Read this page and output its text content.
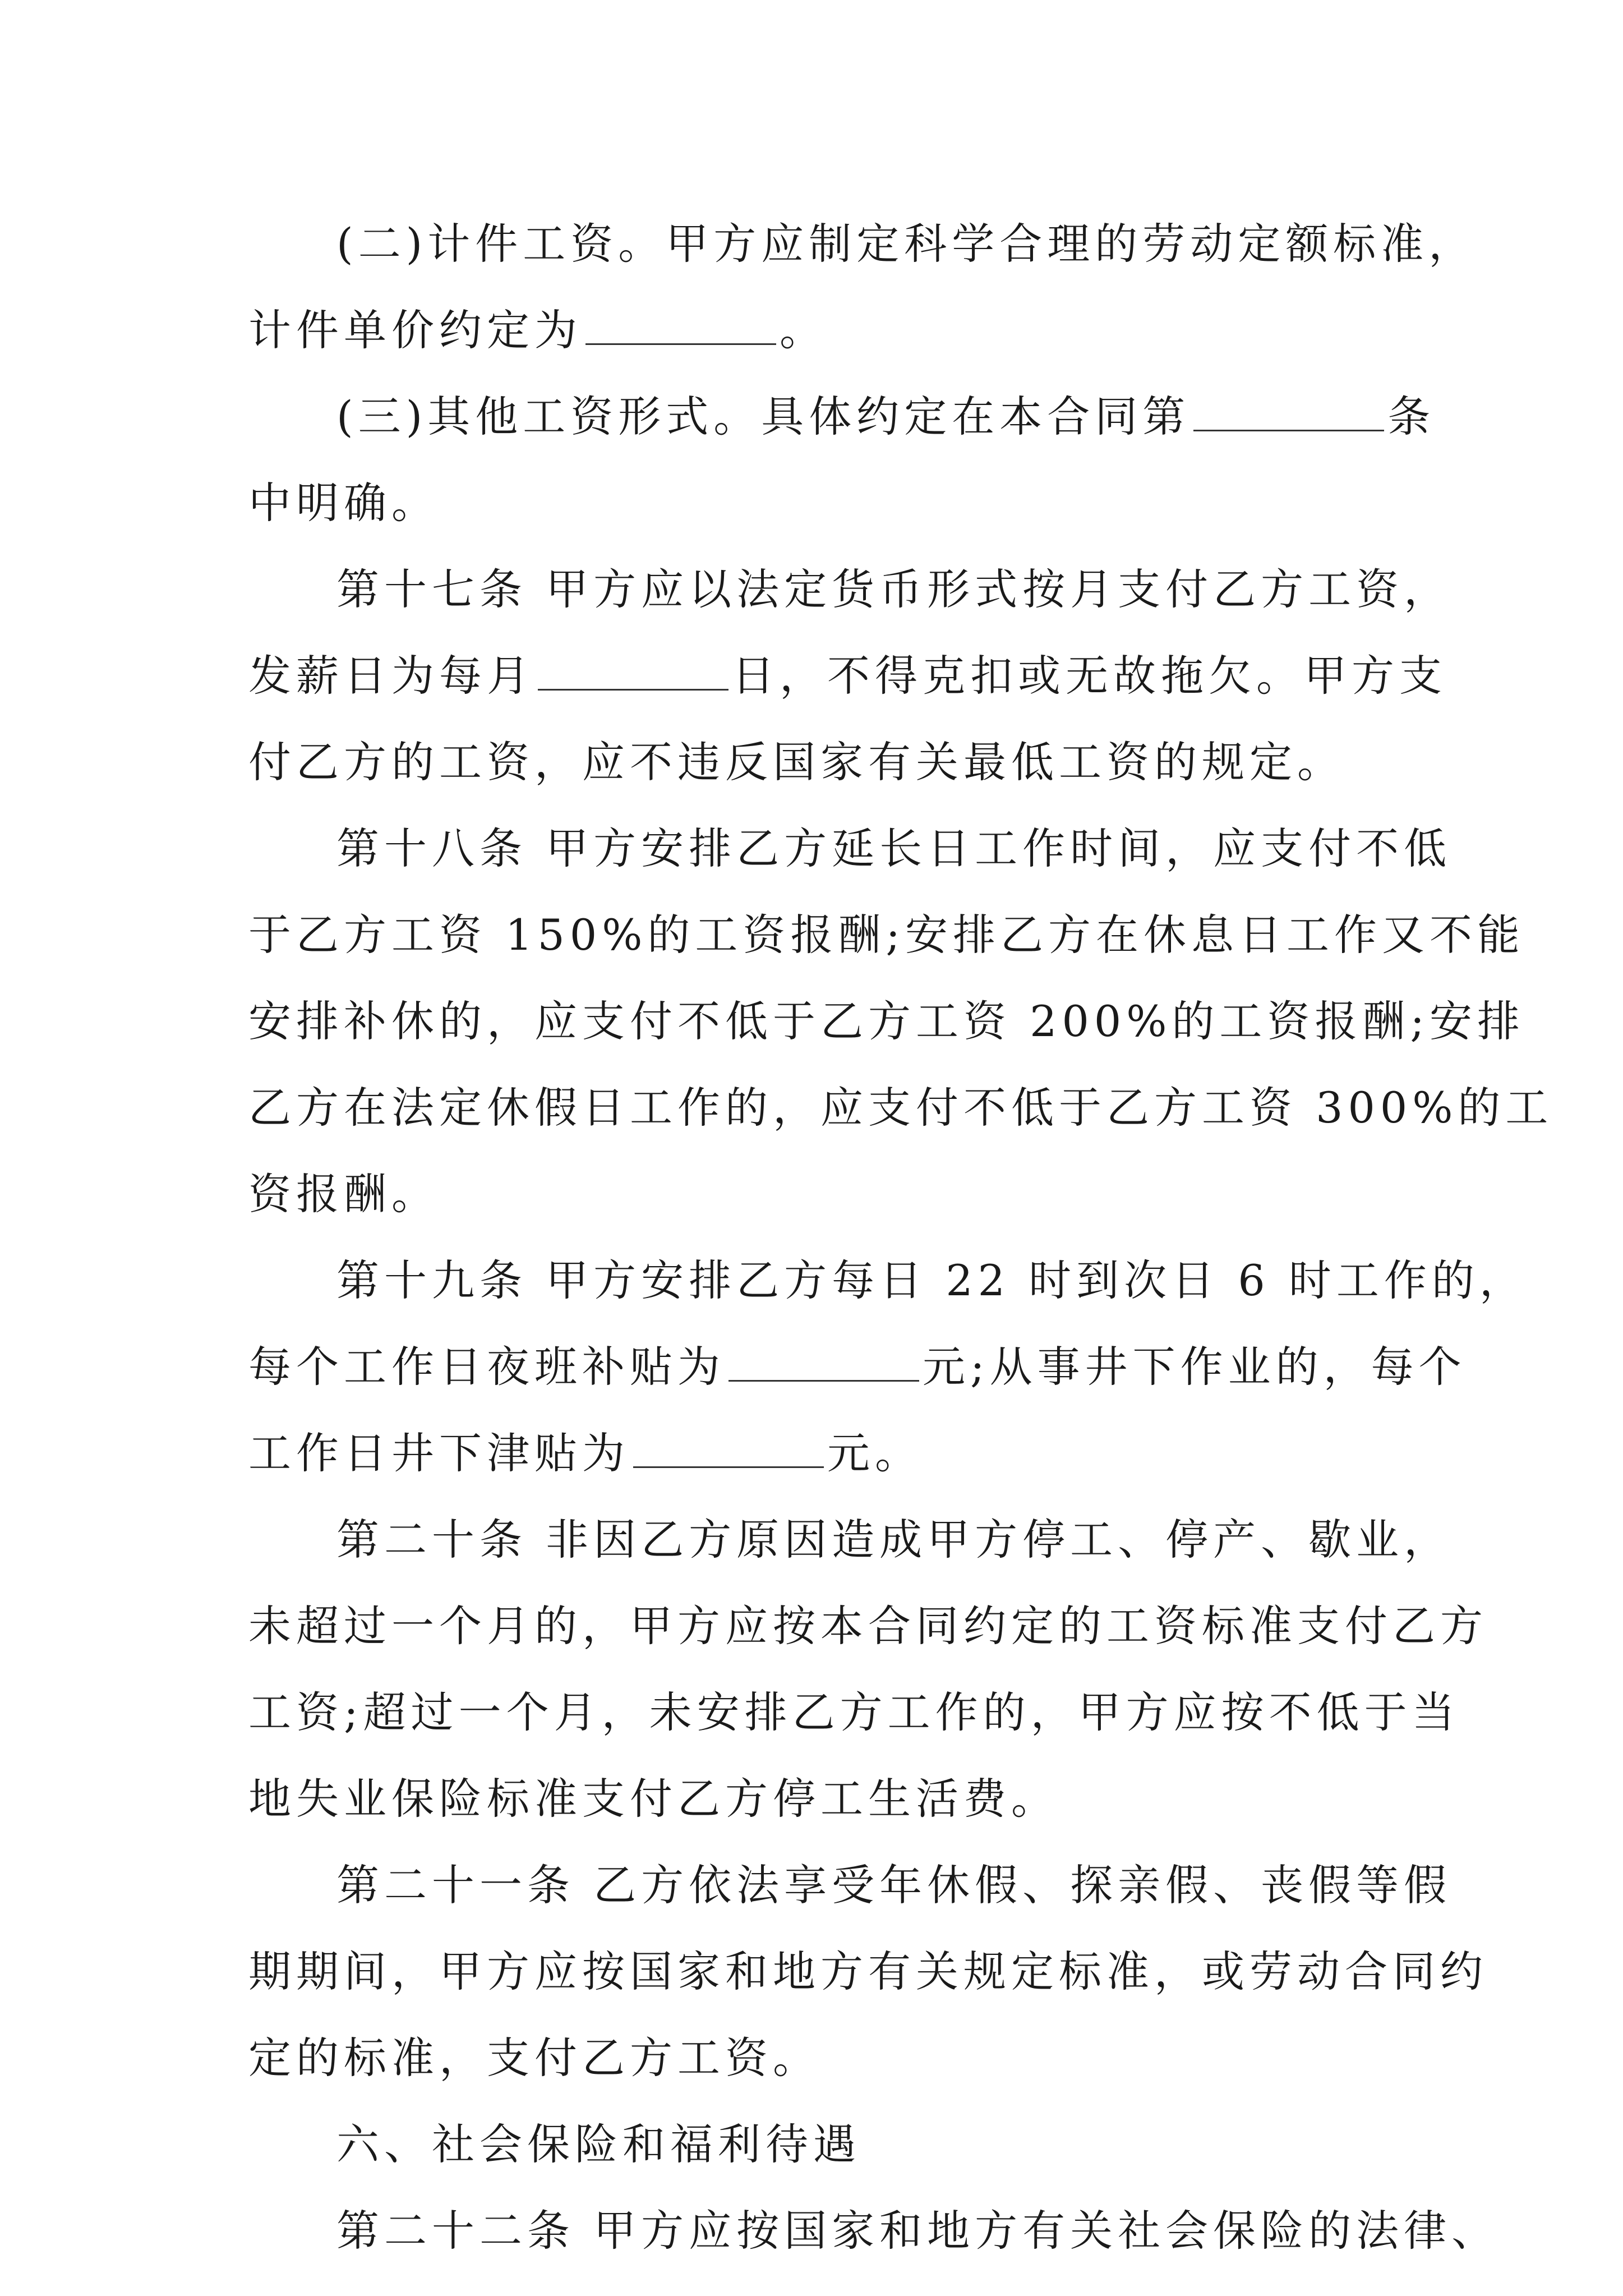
(二)计件工资。甲方应制定科学合理的劳动定额标准，
计件单价约定为	。
(三)其他工资形式。具体约定在本合同第	条
中明确。
第十七条 甲方应以法定货币形式按月支付乙方工资，
发薪日为每月	日，不得克扣或无故拖欠。甲方支
付乙方的工资，应不违反国家有关最低工资的规定。
第十八条 甲方安排乙方延长日工作时间，应支付不低
于乙方工资 150%的工资报酬;安排乙方在休息日工作又不能
安排补休的，应支付不低于乙方工资 200%的工资报酬;安排
乙方在法定休假日工作的，应支付不低于乙方工资 300%的工
资报酬。
第十九条 甲方安排乙方每日 22 时到次日 6 时工作的，
每个工作日夜班补贴为	元;从事井下作业的，每个
工作日井下津贴为	元。
第二十条 非因乙方原因造成甲方停工、停产、歇业，
未超过一个月的，甲方应按本合同约定的工资标准支付乙方
工资;超过一个月，未安排乙方工作的，甲方应按不低于当
地失业保险标准支付乙方停工生活费。
第二十一条 乙方依法享受年休假、探亲假、丧假等假
期期间，甲方应按国家和地方有关规定标准，或劳动合同约
定的标准，支付乙方工资。
六、社会保险和福利待遇
第二十二条 甲方应按国家和地方有关社会保险的法律、
